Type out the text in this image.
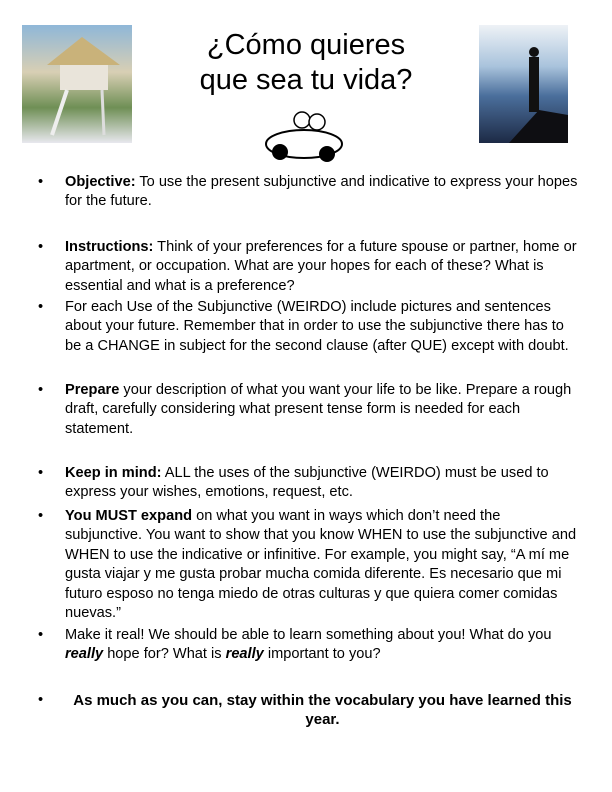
¿Cómo quieres
que sea tu vida?
• Objective: To use the present subjunctive and indicative to express your hopes for the future.
• Instructions: Think of your preferences for a future spouse or partner, home or apartment, or occupation. What are your hopes for each of these? What is essential and what is a preference?
• For each Use of the Subjunctive (WEIRDO) include pictures and sentences about your future. Remember that in order to use the subjunctive there has to be a CHANGE in subject for the second clause (after QUE) except with doubt.
• Prepare your description of what you want your life to be like. Prepare a rough draft, carefully considering what present tense form is needed for each statement.
• Keep in mind: ALL the uses of the subjunctive (WEIRDO) must be used to express your wishes, emotions, request, etc.
• You MUST expand on what you want in ways which don’t need the subjunctive. You want to show that you know WHEN to use the subjunctive and WHEN to use the indicative or infinitive. For example, you might say, “A mí me gusta viajar y me gusta probar mucha comida diferente. Es necesario que mi futuro esposo no tenga miedo de otras culturas y que quiera comer comidas nuevas.”
• Make it real! We should be able to learn something about you! What do you really hope for? What is really important to you?
•	As much as you can, stay within the vocabulary you have learned this year.
